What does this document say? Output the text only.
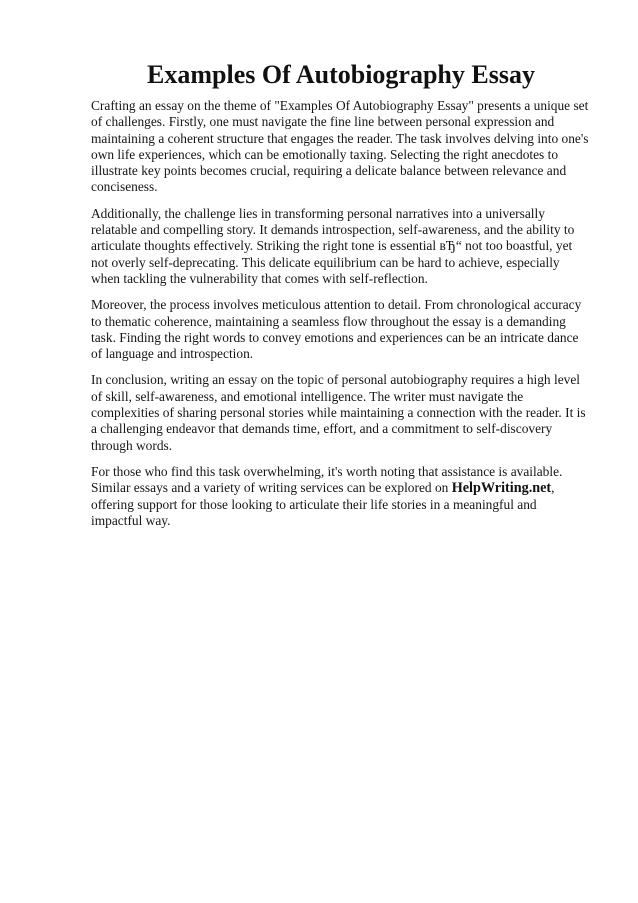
Examples Of Autobiography Essay

Crafting an essay on the theme of "Examples Of Autobiography Essay" presents a unique set of challenges. Firstly, one must navigate the fine line between personal expression and maintaining a coherent structure that engages the reader. The task involves delving into one's own life experiences, which can be emotionally taxing. Selecting the right anecdotes to illustrate key points becomes crucial, requiring a delicate balance between relevance and conciseness.

Additionally, the challenge lies in transforming personal narratives into a universally relatable and compelling story. It demands introspection, self-awareness, and the ability to articulate thoughts effectively. Striking the right tone is essential вЂ“ not too boastful, yet not overly self-deprecating. This delicate equilibrium can be hard to achieve, especially when tackling the vulnerability that comes with self-reflection.

Moreover, the process involves meticulous attention to detail. From chronological accuracy to thematic coherence, maintaining a seamless flow throughout the essay is a demanding task. Finding the right words to convey emotions and experiences can be an intricate dance of language and introspection.

In conclusion, writing an essay on the topic of personal autobiography requires a high level of skill, self-awareness, and emotional intelligence. The writer must navigate the complexities of sharing personal stories while maintaining a connection with the reader. It is a challenging endeavor that demands time, effort, and a commitment to self-discovery through words.

For those who find this task overwhelming, it's worth noting that assistance is available. Similar essays and a variety of writing services can be explored on HelpWriting.net, offering support for those looking to articulate their life stories in a meaningful and impactful way.
